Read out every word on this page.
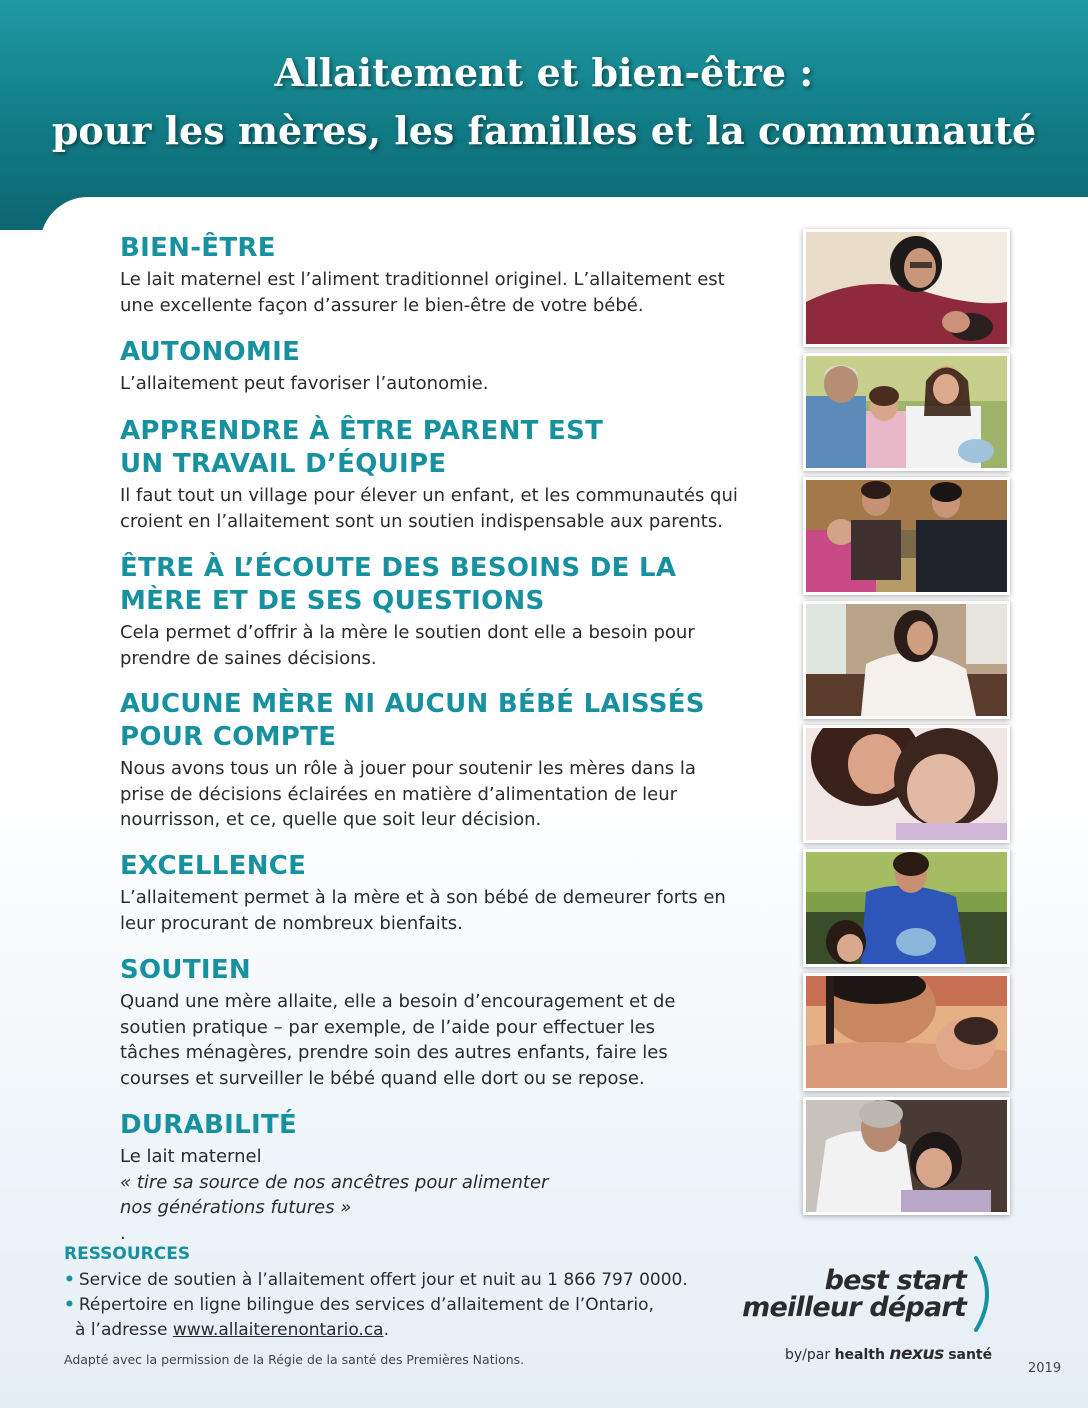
Allaitement et bien-être :
pour les mères, les familles et la communauté
BIEN-ÊTRE

Le lait maternel est l’aliment traditionnel originel. L’allaitement est
une excellente façon d’assurer le bien-être de votre bébé.

AUTONOMIE

L’allaitement peut favoriser l’autonomie.

APPRENDRE À ÊTRE PARENT EST
UN TRAVAIL D’ÉQUIPE

Il faut tout un village pour élever un enfant, et les communautés qui
croient en l’allaitement sont un soutien indispensable aux parents.

ÊTRE À L’ÉCOUTE DES BESOINS DE LA
MÈRE ET DE SES QUESTIONS

Cela permet d’offrir à la mère le soutien dont elle a besoin pour
prendre de saines décisions.

AUCUNE MÈRE NI AUCUN BÉBÉ LAISSÉS
POUR COMPTE

Nous avons tous un rôle à jouer pour soutenir les mères dans la
prise de décisions éclairées en matière d’alimentation de leur
nourrisson, et ce, quelle que soit leur décision.

EXCELLENCE

L’allaitement permet à la mère et à son bébé de demeurer forts en
leur procurant de nombreux bienfaits.

SOUTIEN

Quand une mère allaite, elle a besoin d’encouragement et de
soutien pratique – par exemple, de l’aide pour effectuer les
tâches ménagères, prendre soin des autres enfants, faire les
courses et surveiller le bébé quand elle dort ou se repose.

DURABILITÉ

Le lait maternel
« tire sa source de nos ancêtres pour alimenter
nos générations futures »
.

RESSOURCES
• Service de soutien à l’allaitement offert jour et nuit au 1 866 797 0000.
• Répertoire en ligne bilingue des services d’allaitement de l’Ontario,
à l’adresse www.allaiterenontario.ca.
Adapté avec la permission de la Régie de la santé des Premières Nations.
best start
meilleur départ
by/par health nexus santé
2019
